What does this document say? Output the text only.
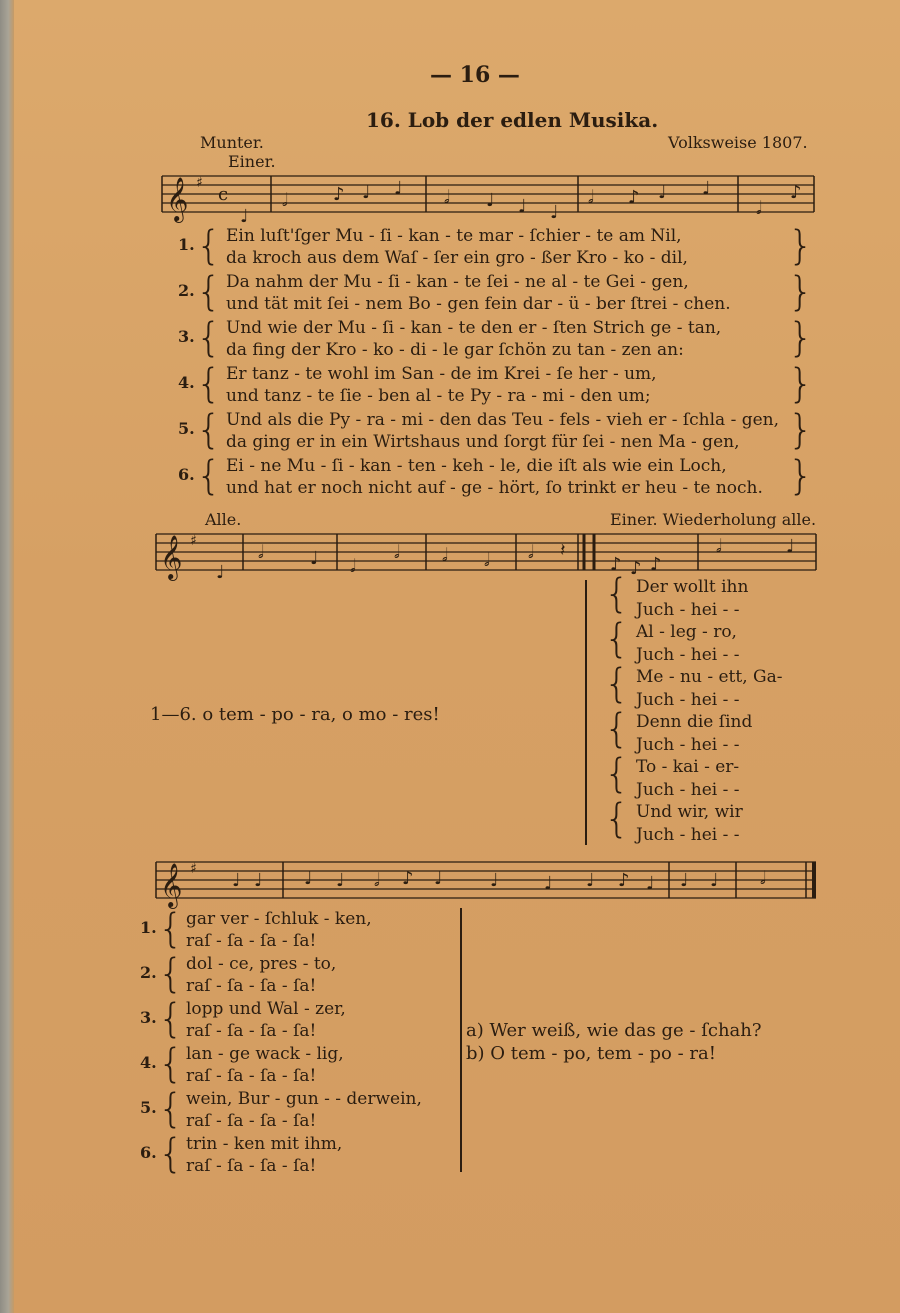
— 16 —
16. Lob der edlen Musika.
Munter.	Volksweise 1807.
Einer.
𝄞 ♯
c
♩
𝅗𝅥	♪ ♩ ♩ 𝅗𝅥 ♩ ♩ ♩
𝅗𝅥 ♪ ♩ ♩
𝅗𝅥
♪
1. { Ein luſt'ſger Mu - ſi - kan - te mar - ſchier - te am Nil,
da kroch aus dem Waſ - ſer ein gro - ßer Kro - ko - dil,	}
2. { Da nahm der Mu - ſi - kan - te ſei - ne al - te Gei - gen,
und tät mit ſei - nem Bo - gen fein dar - ü - ber ſtrei - chen.	}
3. { Und wie der Mu - ſi - kan - te den er - ſten Strich ge - tan,
da fing der Kro - ko - di - le gar ſchön zu tan - zen an:	}
4. { Er tanz - te wohl im San - de im Krei - ſe her - um,
und tanz - te ſie - ben al - te Py - ra - mi - den um;	}
5. { Und als die Py - ra - mi - den das Teu - fels - vieh er - ſchla - gen,
da ging er in ein Wirtshaus und ſorgt für ſei - nen Ma - gen,	}
6. { Ei - ne Mu - ſi - kan - ten - keh - le, die iſt als wie ein Loch,
und hat er noch nicht auf - ge - hört, ſo trinkt er heu - te noch. }
Alle.	Einer. Wiederholung alle.
𝄞 ♯
♩
𝅗𝅥	♩ 𝅗𝅥
𝅗𝅥 𝅗𝅥 𝅗𝅥 𝅗𝅥 𝄽
♪ ♪ ♪
𝅗𝅥	♩
1—6. o tem - po - ra, o mo - res!
Der wollt ihn
{ Juch - hei - -
Al - leg - ro,
{ Juch - hei - -
Me - nu - ett, Ga-
{ Juch - hei - -
Denn die ſind
{ Juch - hei - -
To - kai - er-
{ Juch - hei - -
Und wir, wir
{ Juch - hei - -
𝄞 ♯
♩ ♩ ♩ ♩ 𝅗𝅥 ♪ ♩	♩	♩ ♩ ♪ ♩ ♩ ♩ 𝅗𝅥
1. { gar ver - ſchluk - ken,
raſ - ſa - ſa - ſa!
2. { dol - ce, pres - to,
raſ - ſa - ſa - ſa!
3. { lopp und Wal - zer,
raſ - ſa - ſa - ſa!
4. { lan - ge wack - lig,
raſ - ſa - ſa - ſa!
5. { wein, Bur - gun - - derwein,
raſ - ſa - ſa - ſa!
6. { trin - ken mit ihm,
raſ - ſa - ſa - ſa!
a) Wer weiß, wie das ge - ſchah?
b) O tem - po, tem - po - ra!
